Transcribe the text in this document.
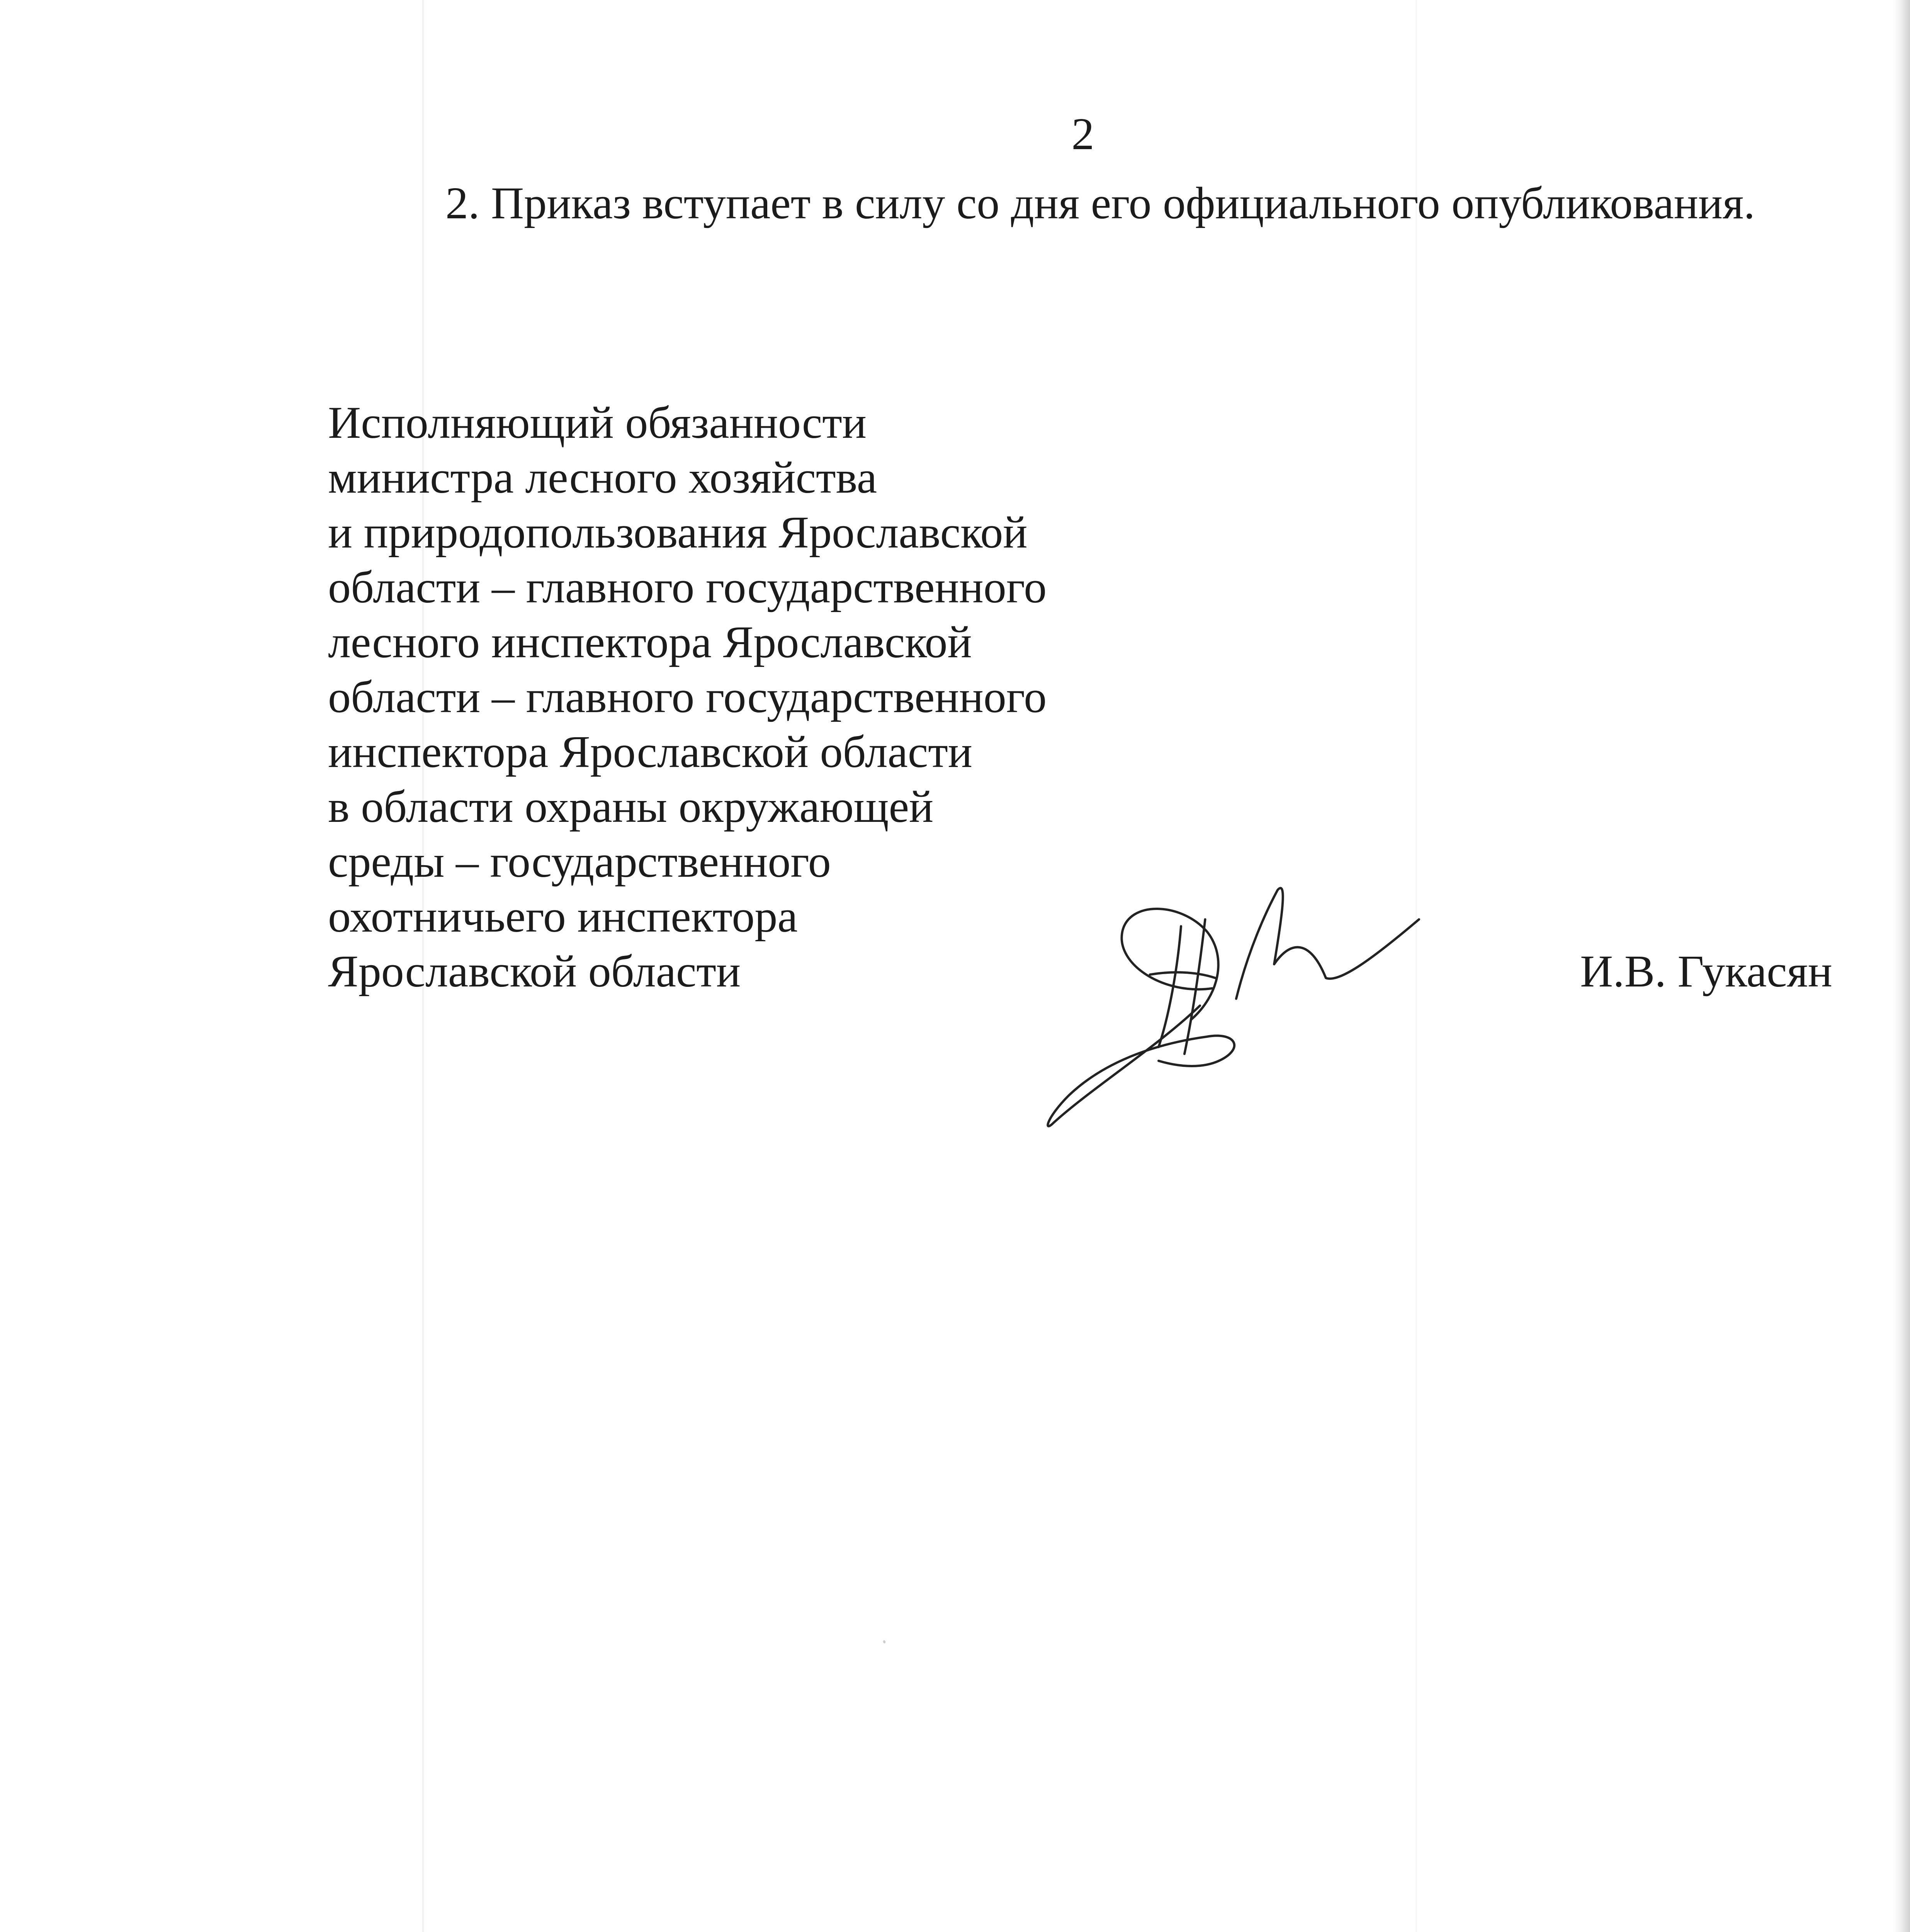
2
2. Приказ вступает в силу со дня его официального опубликования.
Исполняющий обязанности
министра лесного хозяйства
и природопользования Ярославской
области – главного государственного
лесного инспектора Ярославской
области – главного государственного
инспектора Ярославской области
в области охраны окружающей
среды – государственного
охотничьего инспектора
Ярославской области	И.В. Гукасян
